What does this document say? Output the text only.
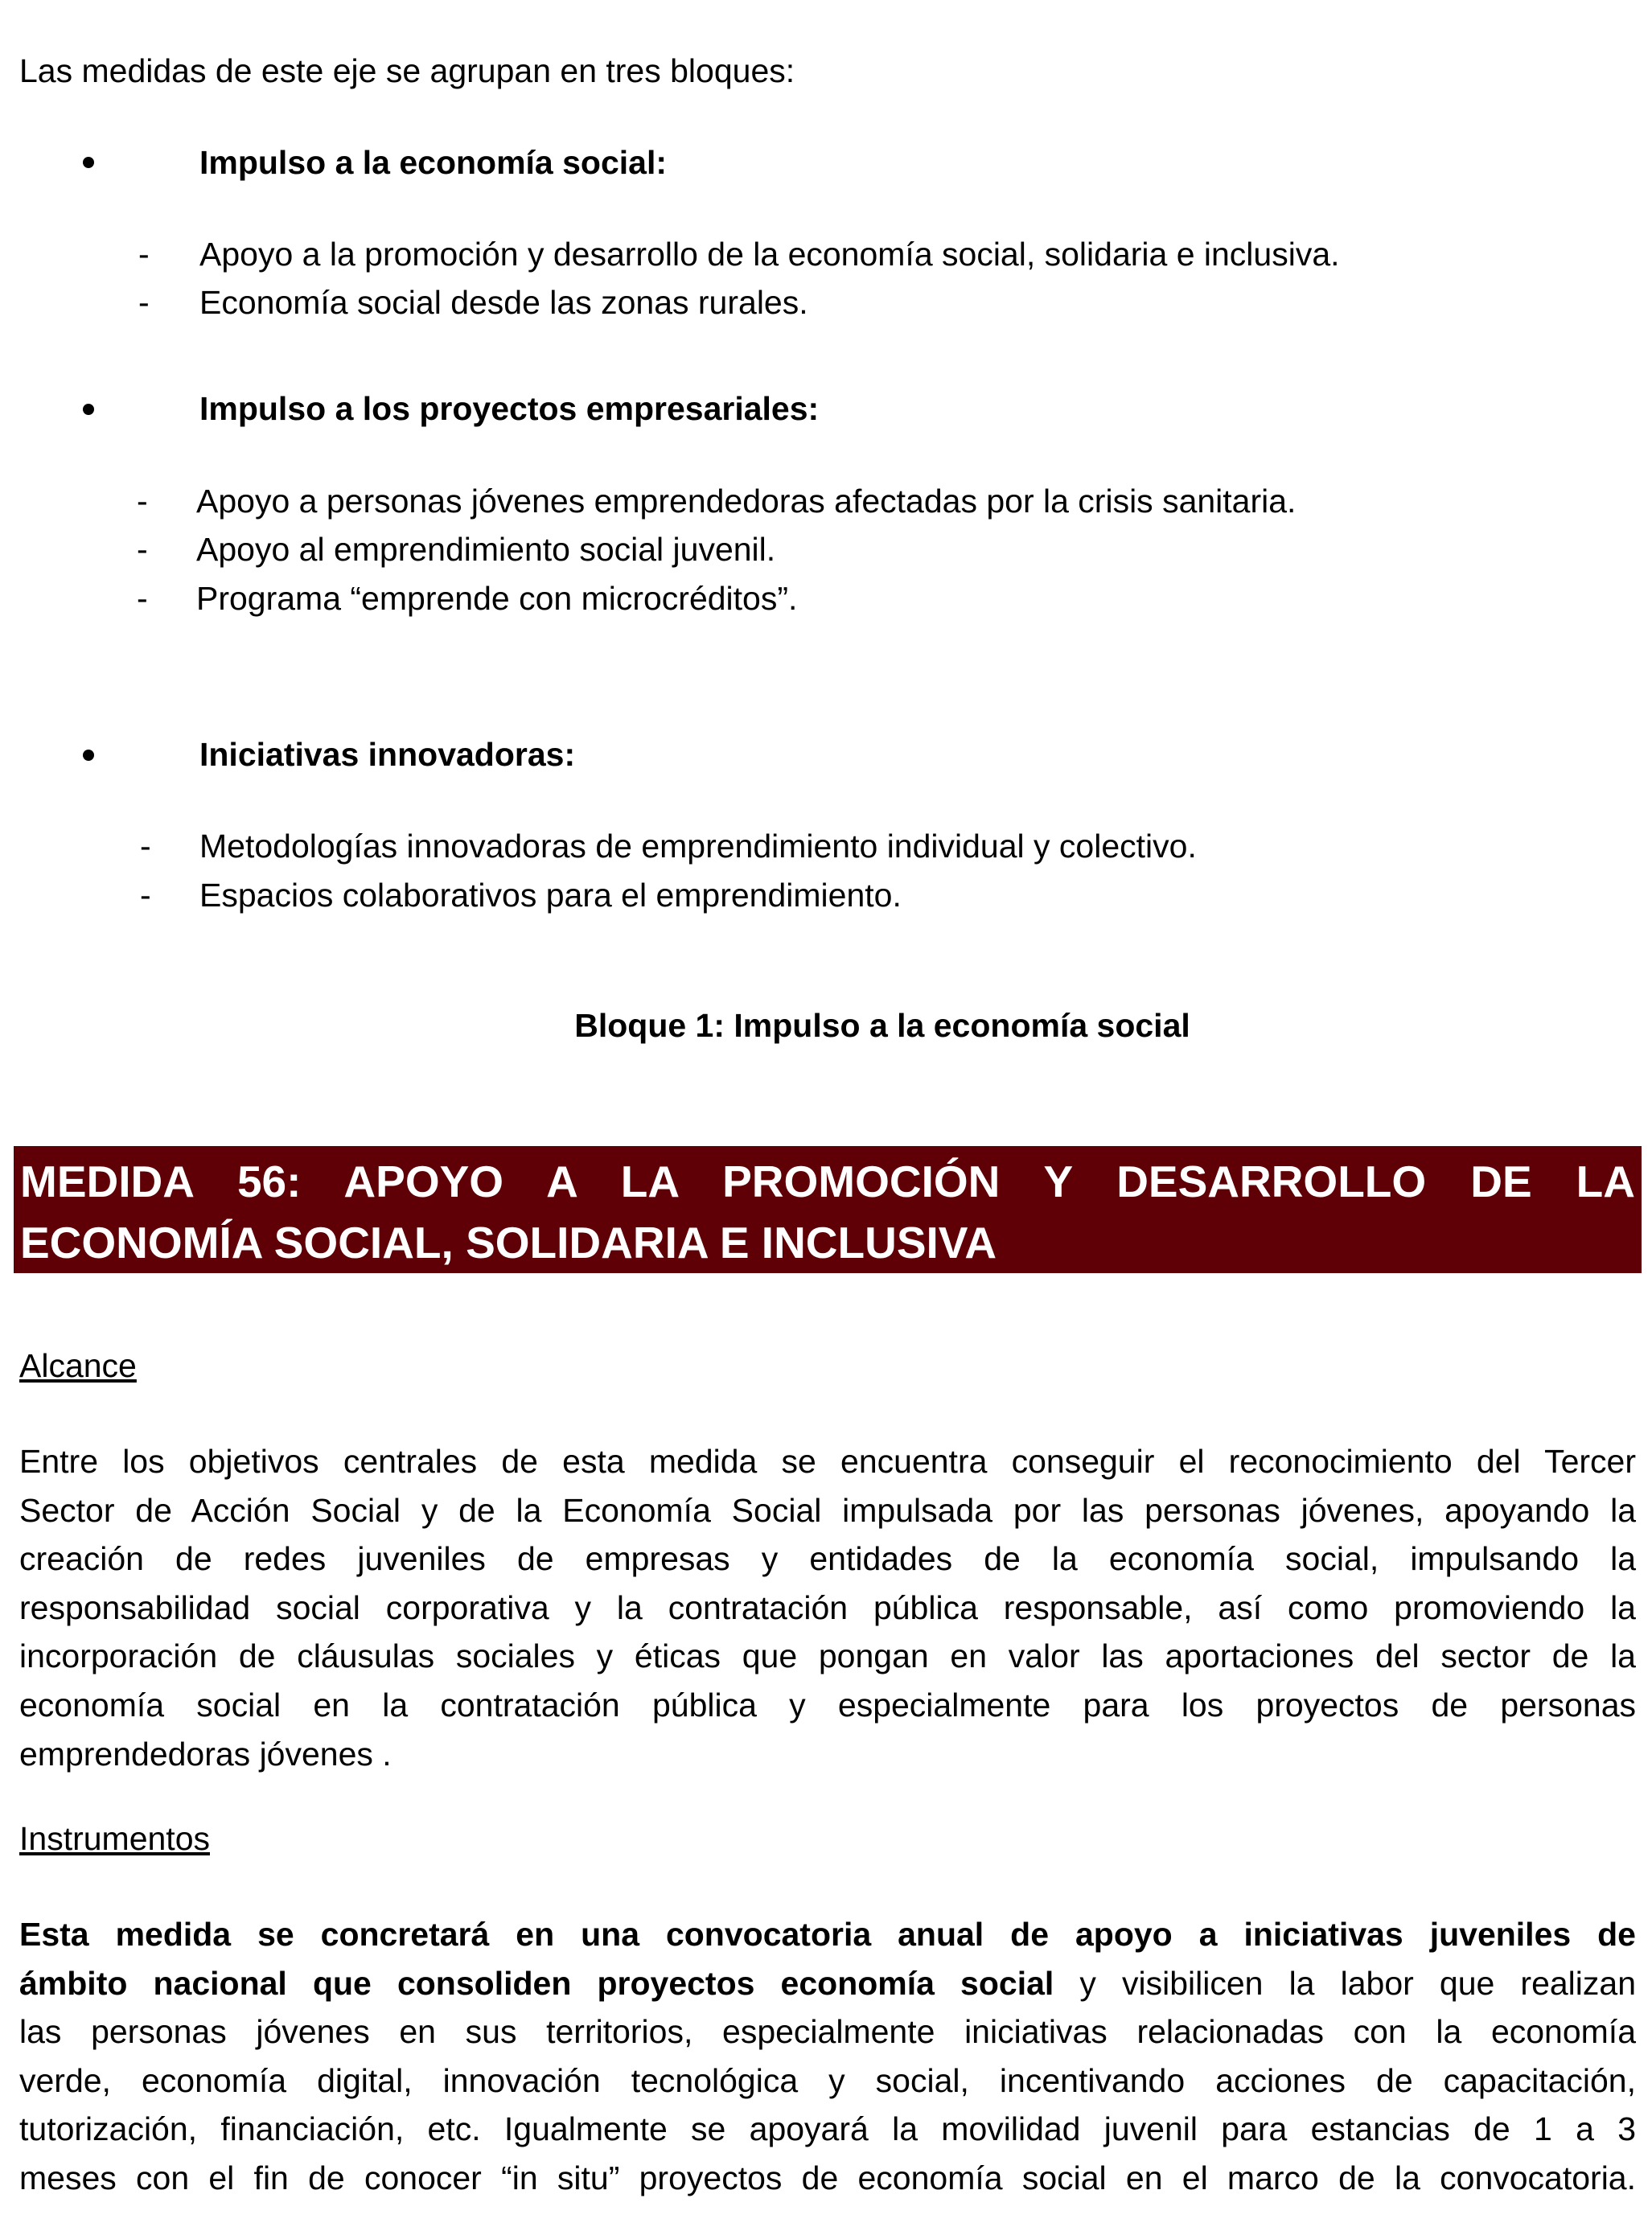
Las medidas de este eje se agrupan en tres bloques:
Impulso a la economía social:
- Apoyo a la promoción y desarrollo de la economía social, solidaria e inclusiva.
- Economía social desde las zonas rurales.
Impulso a los proyectos empresariales:
- Apoyo a personas jóvenes emprendedoras afectadas por la crisis sanitaria.
- Apoyo al emprendimiento social juvenil.
- Programa “emprende con microcréditos”.
Iniciativas innovadoras:
- Metodologías innovadoras de emprendimiento individual y colectivo.
- Espacios colaborativos para el emprendimiento.
Bloque 1: Impulso a la economía social
MEDIDA 56: APOYO A LA PROMOCIÓN Y DESARROLLO DE LA
ECONOMÍA SOCIAL, SOLIDARIA E INCLUSIVA
Alcance
Entre los objetivos centrales de esta medida se encuentra conseguir el reconocimiento del Tercer
Sector de Acción Social y de la Economía Social impulsada por las personas jóvenes, apoyando la
creación de redes juveniles de empresas y entidades de la economía social, impulsando la
responsabilidad social corporativa y la contratación pública responsable, así como promoviendo la
incorporación de cláusulas sociales y éticas que pongan en valor las aportaciones del sector de la
economía social en la contratación pública y especialmente para los proyectos de personas
emprendedoras jóvenes .
Instrumentos
Esta medida se concretará en una convocatoria anual de apoyo a iniciativas juveniles de
ámbito nacional que consoliden proyectos economía social y visibilicen la labor que realizan
las personas jóvenes en sus territorios, especialmente iniciativas relacionadas con la economía
verde, economía digital, innovación tecnológica y social, incentivando acciones de capacitación,
tutorización, financiación, etc. Igualmente se apoyará la movilidad juvenil para estancias de 1 a 3
meses con el fin de conocer “in situ” proyectos de economía social en el marco de la convocatoria.
